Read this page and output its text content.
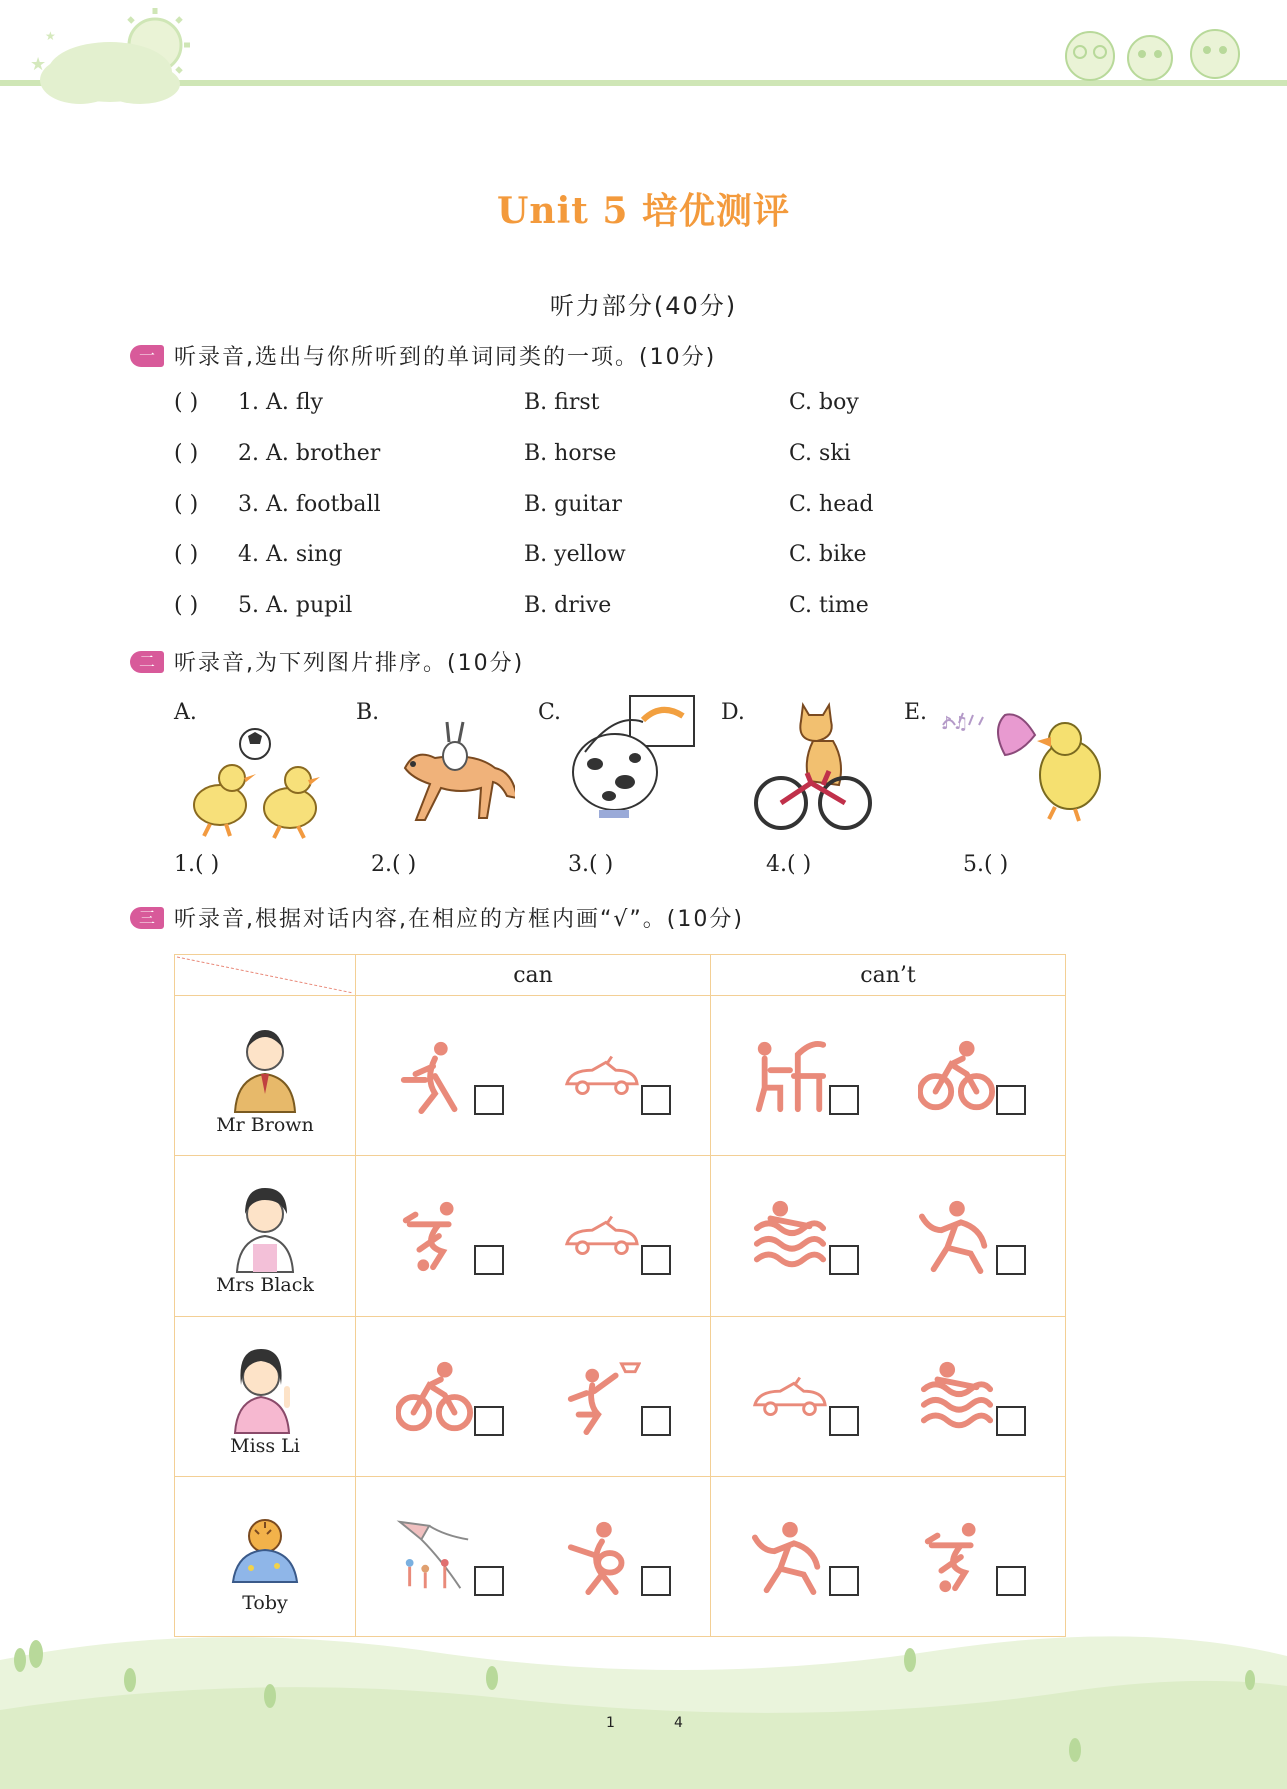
★
★
Unit 5 培优测评
听力部分(40分)
一 听录音,选出与你所听到的单词同类的一项。(10分)
( ) 1. A. fly	B. first	C. boy
( ) 2. A. brother	B. horse	C. ski
( ) 3. A. football	B. guitar	C. head
( ) 4. A. sing	B. yellow	C. bike
( ) 5. A. pupil	B. drive	C. time
二 听录音,为下列图片排序。(10分)
A.	B.	C.	D.	E. ♪♫
1.( )	2.( )	3.( )	4.( )	5.( )
三 听录音,根据对话内容,在相应的方框内画“√”。(10分)
	can	can’t

Mr Brown

Mrs Black

Miss Li

Toby

1	4
